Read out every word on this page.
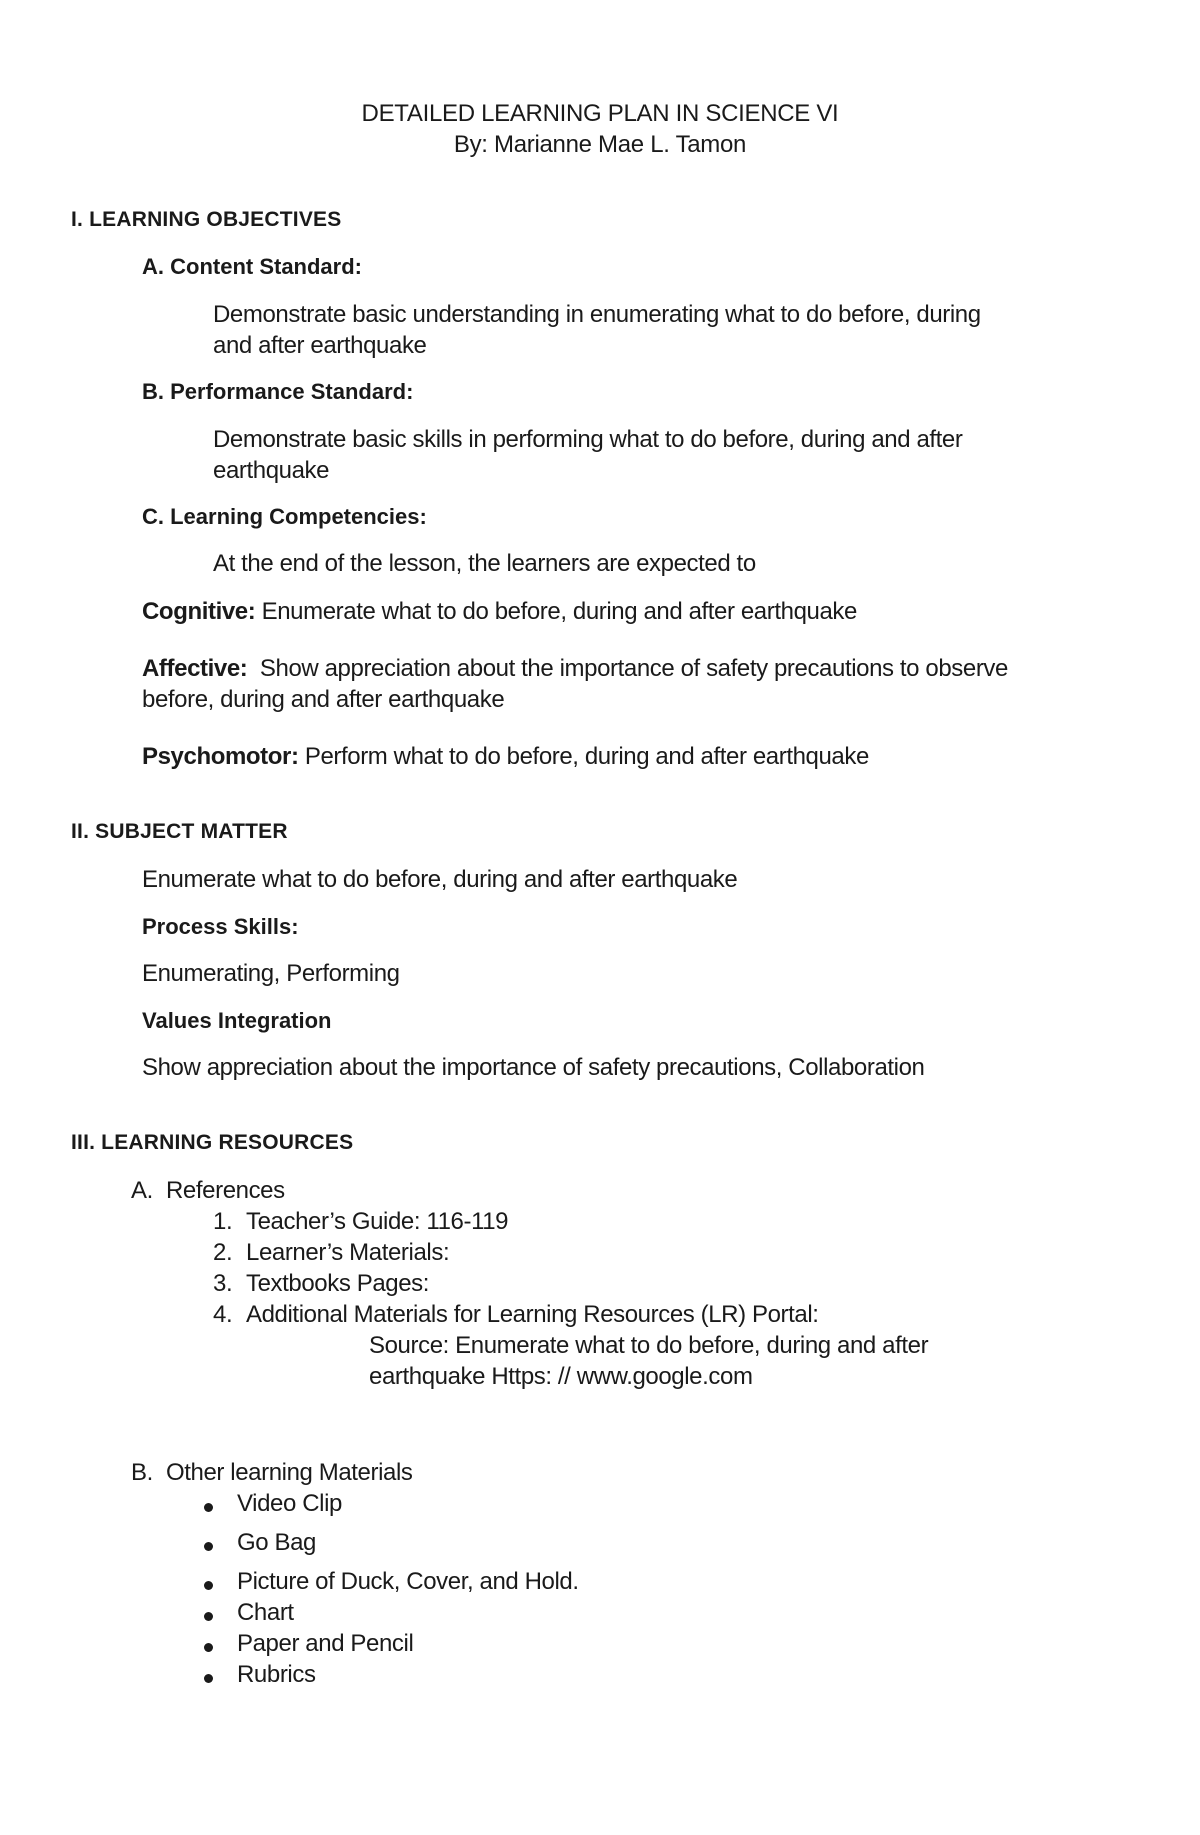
DETAILED LEARNING PLAN IN SCIENCE VI
By: Marianne Mae L. Tamon
I. LEARNING OBJECTIVES
A. Content Standard:
Demonstrate basic understanding in enumerating what to do before, during
and after earthquake
B. Performance Standard:
Demonstrate basic skills in performing what to do before, during and after
earthquake
C. Learning Competencies:
At the end of the lesson, the learners are expected to
Cognitive: Enumerate what to do before, during and after earthquake
Affective:  Show appreciation about the importance of safety precautions to observe
before, during and after earthquake
Psychomotor: Perform what to do before, during and after earthquake
II. SUBJECT MATTER
Enumerate what to do before, during and after earthquake
Process Skills:
Enumerating, Performing
Values Integration
Show appreciation about the importance of safety precautions, Collaboration
III. LEARNING RESOURCES
A. References
1. Teacher’s Guide: 116-119
2. Learner’s Materials:
3. Textbooks Pages:
4. Additional Materials for Learning Resources (LR) Portal:
Source: Enumerate what to do before, during and after
earthquake Https: // www.google.com
B. Other learning Materials
Video Clip
Go Bag
Picture of Duck, Cover, and Hold.
Chart
Paper and Pencil
Rubrics
